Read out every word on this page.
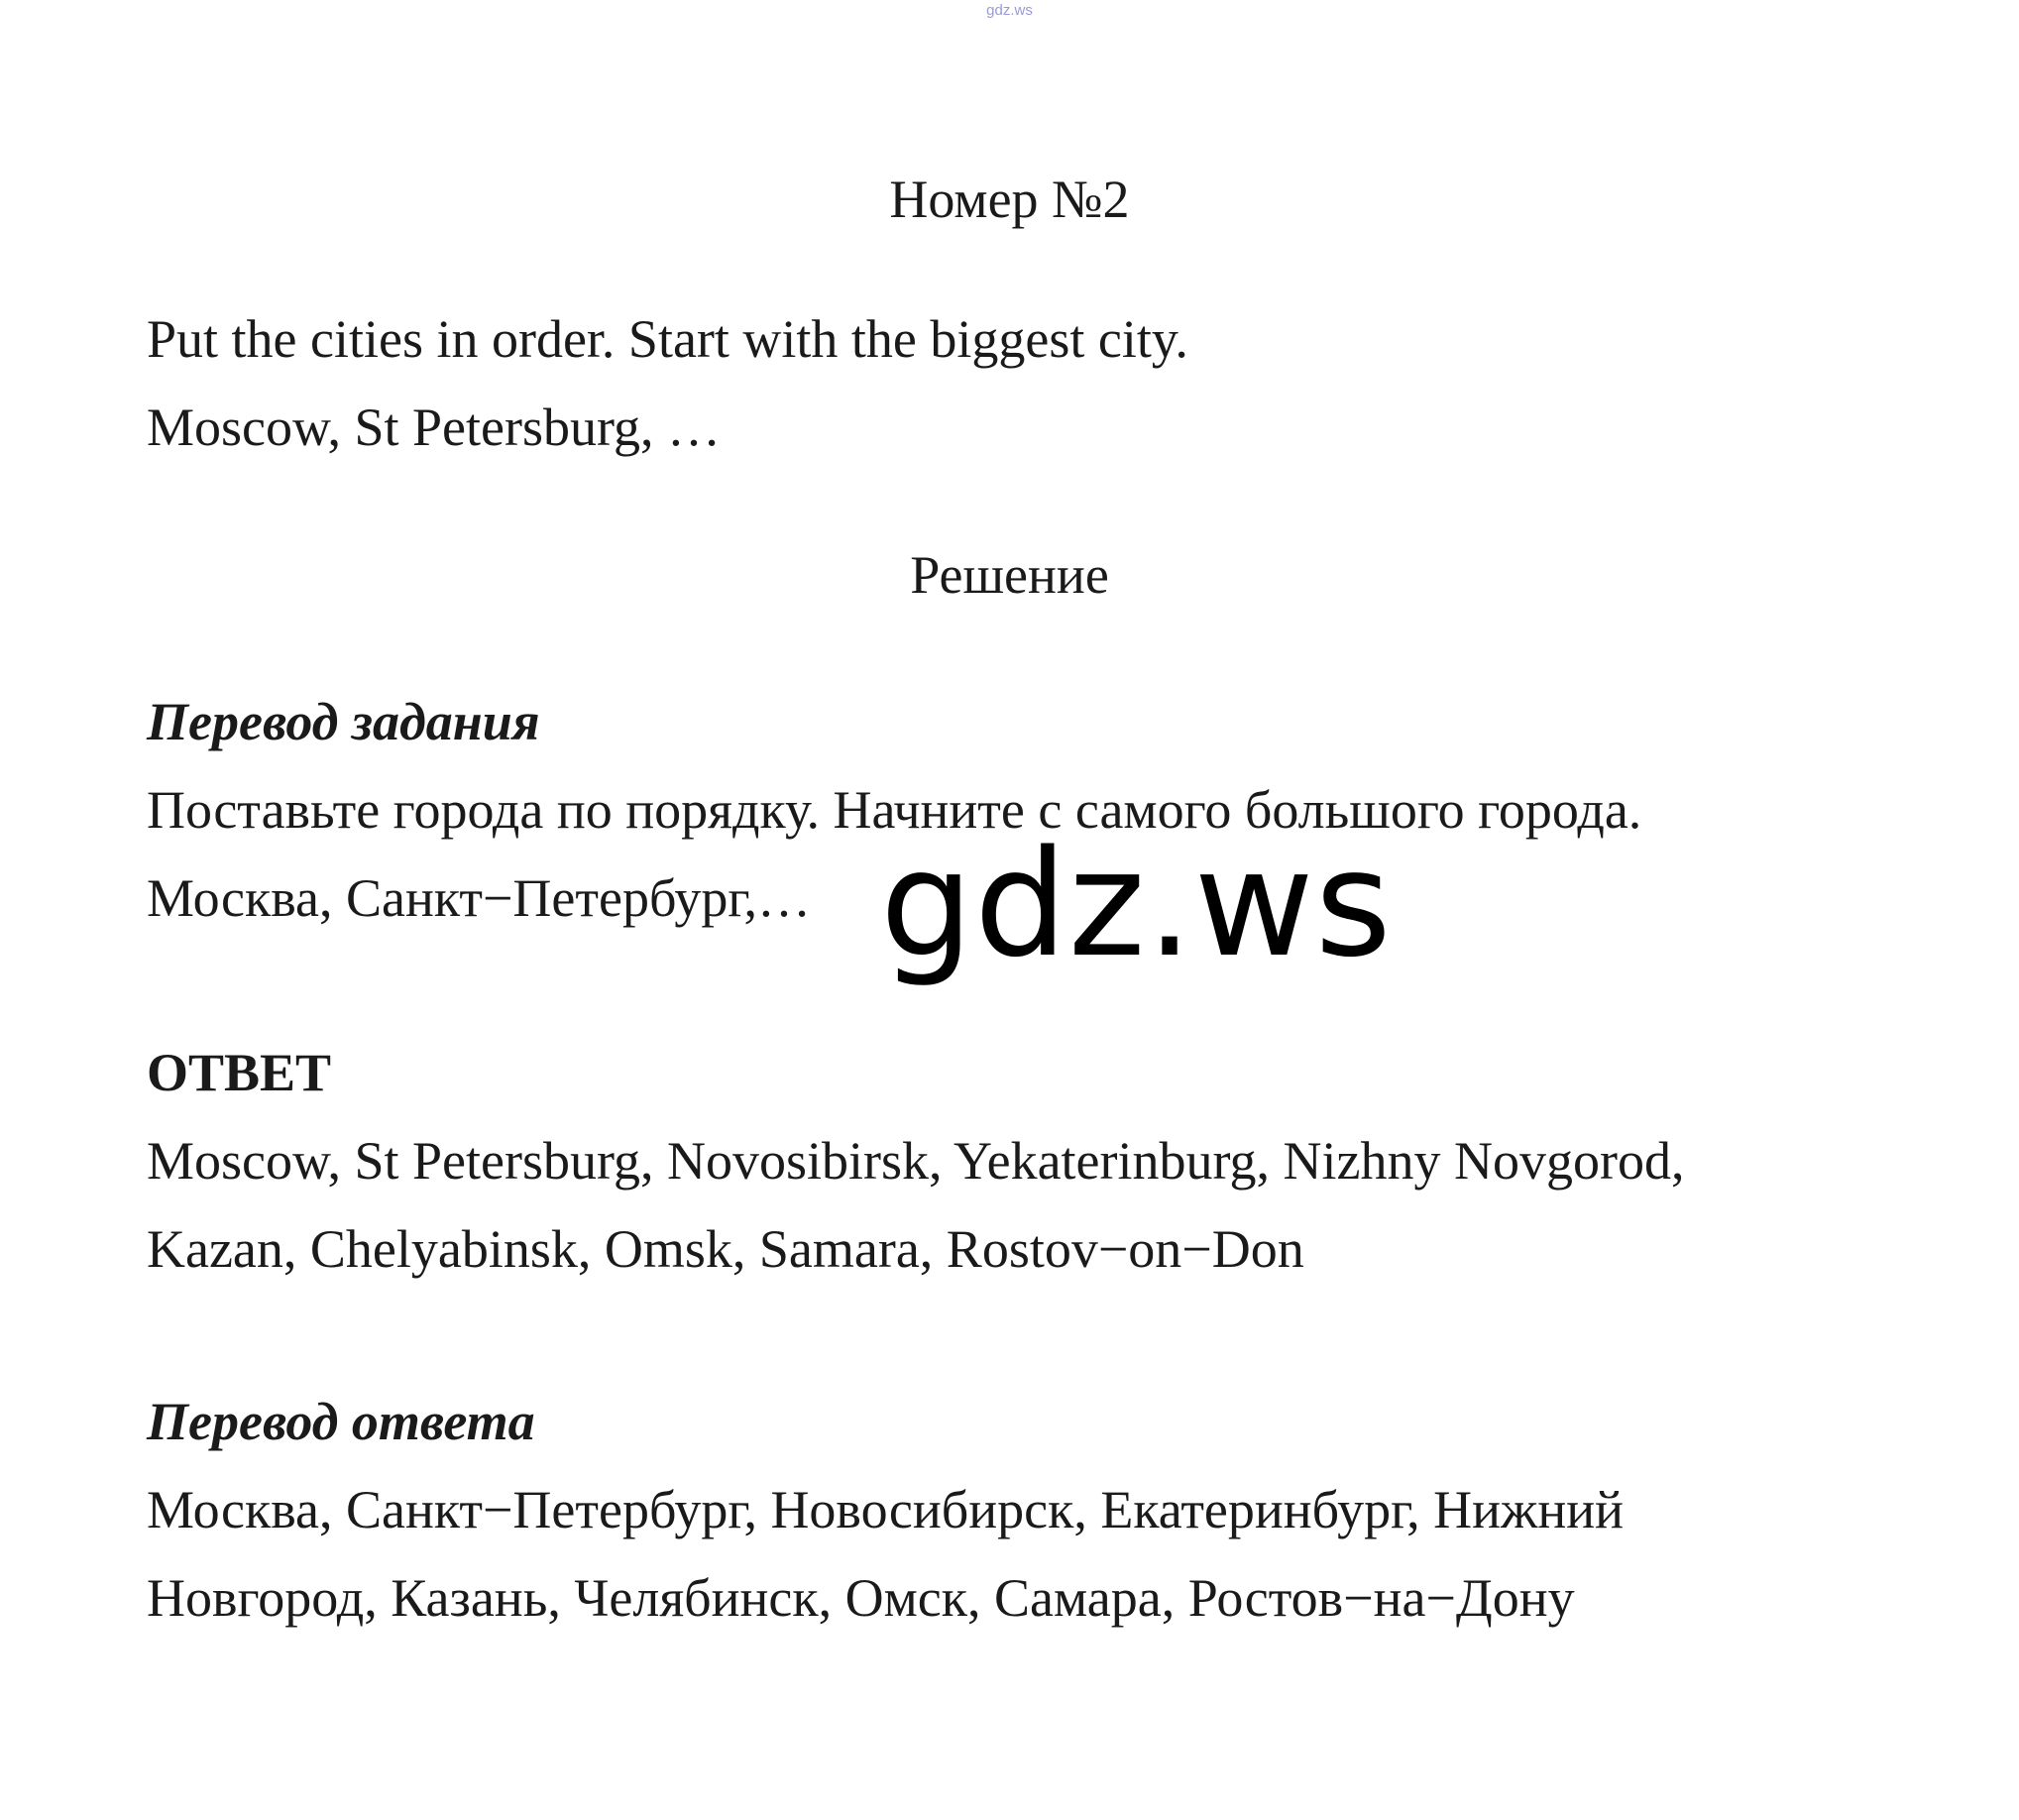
gdz.ws
Номер №2
Put the cities in order. Start with the biggest city.
Moscow, St Petersburg, …
Решение
Перевод задания
Поставьте города по порядку. Начните с самого большого города.
Москва, Санкт−Петербург,…
ОТВЕТ
Moscow, St Petersburg, Novosibirsk, Yekaterinburg, Nizhny Novgorod,
Kazan, Chelyabinsk, Omsk, Samara, Rostov−on−Don
Перевод ответа
Москва, Санкт−Петербург, Новосибирск, Екатеринбург, Нижний
Новгород, Казань, Челябинск, Омск, Самара, Ростов−на−Дону
gdz.ws
